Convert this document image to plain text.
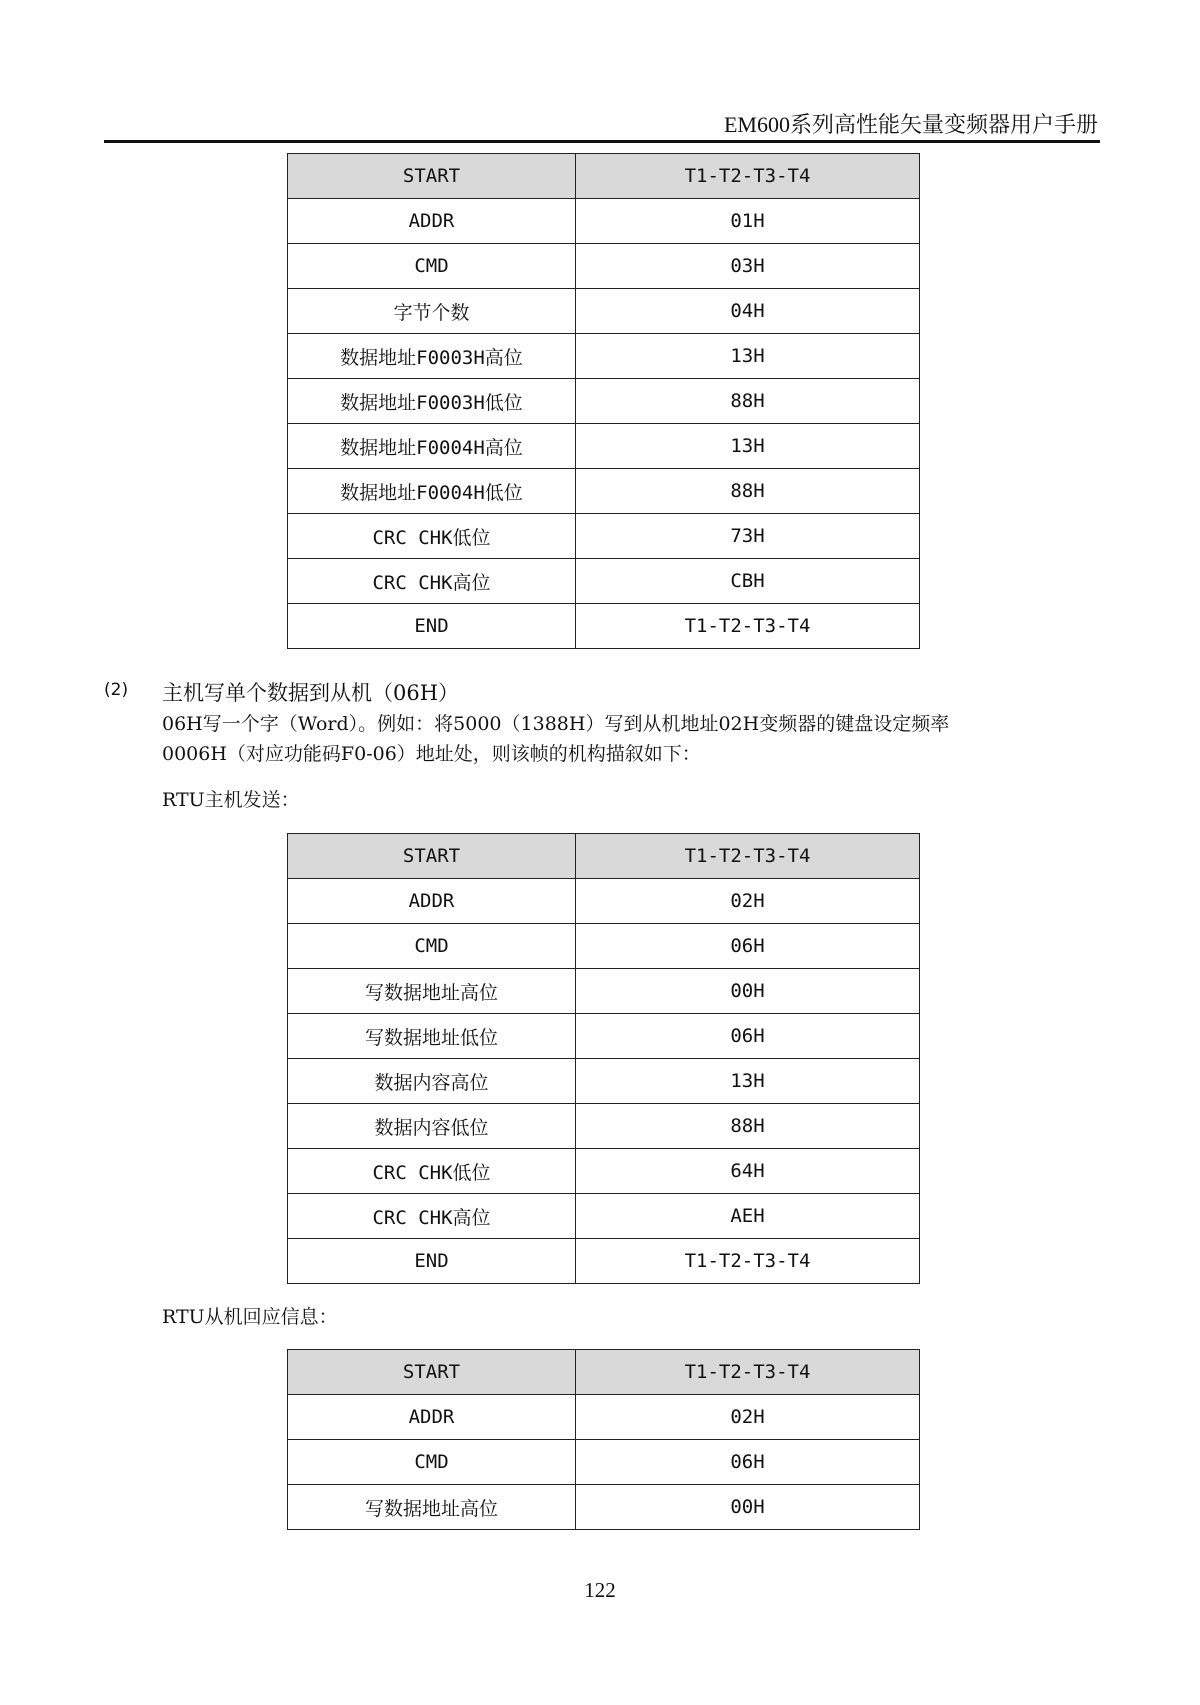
EM600系列高性能矢量变频器用户手册
START	T1-T2-T3-T4
ADDR	01H
CMD	03H
字节个数	04H
数据地址F0003H高位	13H
数据地址F0003H低位	88H
数据地址F0004H高位	13H
数据地址F0004H低位	88H
CRC CHK低位	73H
CRC CHK高位	CBH
END	T1-T2-T3-T4
(2) 主机写单个数据到从机（06H）
06H写一个字（Word）。例如：将5000（1388H）写到从机地址02H变频器的键盘设定频率
0006H（对应功能码F0-06）地址处，则该帧的机构描叙如下：
RTU主机发送：
START	T1-T2-T3-T4
ADDR	02H
CMD	06H
写数据地址高位	00H
写数据地址低位	06H
数据内容高位	13H
数据内容低位	88H
CRC CHK低位	64H
CRC CHK高位	AEH
END	T1-T2-T3-T4
RTU从机回应信息：
START	T1-T2-T3-T4
ADDR	02H
CMD	06H
写数据地址高位	00H
122
